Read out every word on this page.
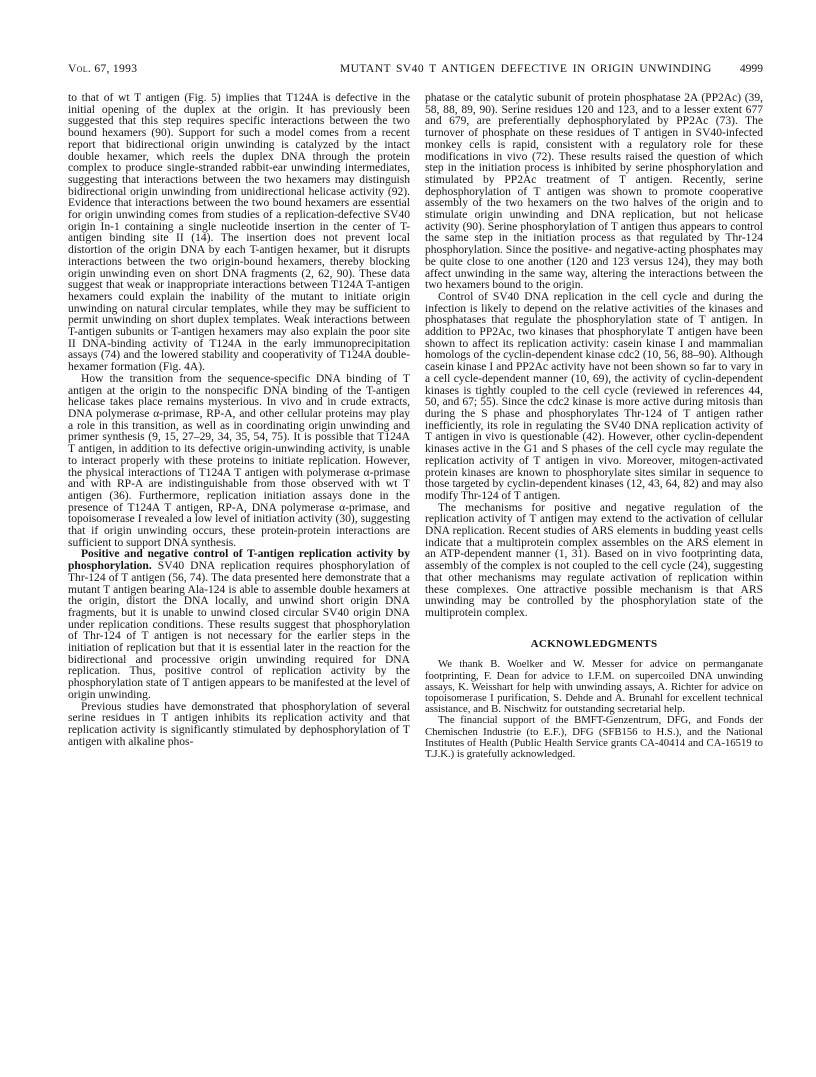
Vol. 67, 1993	MUTANT SV40 T ANTIGEN DEFECTIVE IN ORIGIN UNWINDING	4999

to that of wt T antigen (Fig. 5) implies that T124A is defective in the initial opening of the duplex at the origin. It has previously been suggested that this step requires specific interactions between the two bound hexamers (90). Support for such a model comes from a recent report that bidirectional origin unwinding is catalyzed by the intact double hexamer, which reels the duplex DNA through the protein complex to produce single-stranded rabbit-ear unwinding intermediates, suggesting that interactions between the two hexamers may distinguish bidirectional origin unwinding from unidirectional helicase activity (92). Evidence that interactions between the two bound hexamers are essential for origin unwinding comes from studies of a replication-defective SV40 origin In-1 containing a single nucleotide insertion in the center of T-antigen binding site II (14). The insertion does not prevent local distortion of the origin DNA by each T-antigen hexamer, but it disrupts interactions between the two origin-bound hexamers, thereby blocking origin unwinding even on short DNA fragments (2, 62, 90). These data suggest that weak or inappropriate interactions between T124A T-antigen hexamers could explain the inability of the mutant to initiate origin unwinding on natural circular templates, while they may be sufficient to permit unwinding on short duplex templates. Weak interactions between T-antigen subunits or T-antigen hexamers may also explain the poor site II DNA-binding activity of T124A in the early immunoprecipitation assays (74) and the lowered stability and cooperativity of T124A double-hexamer formation (Fig. 4A).

How the transition from the sequence-specific DNA binding of T antigen at the origin to the nonspecific DNA binding of the T-antigen helicase takes place remains mysterious. In vivo and in crude extracts, DNA polymerase α-primase, RP-A, and other cellular proteins may play a role in this transition, as well as in coordinating origin unwinding and primer synthesis (9, 15, 27–29, 34, 35, 54, 75). It is possible that T124A T antigen, in addition to its defective origin-unwinding activity, is unable to interact properly with these proteins to initiate replication. However, the physical interactions of T124A T antigen with polymerase α-primase and with RP-A are indistinguishable from those observed with wt T antigen (36). Furthermore, replication initiation assays done in the presence of T124A T antigen, RP-A, DNA polymerase α-primase, and topoisomerase I revealed a low level of initiation activity (30), suggesting that if origin unwinding occurs, these protein-protein interactions are sufficient to support DNA synthesis.

Positive and negative control of T-antigen replication activity by phosphorylation. SV40 DNA replication requires phosphorylation of Thr-124 of T antigen (56, 74). The data presented here demonstrate that a mutant T antigen bearing Ala-124 is able to assemble double hexamers at the origin, distort the DNA locally, and unwind short origin DNA fragments, but it is unable to unwind closed circular SV40 origin DNA under replication conditions. These results suggest that phosphorylation of Thr-124 of T antigen is not necessary for the earlier steps in the initiation of replication but that it is essential later in the reaction for the bidirectional and processive origin unwinding required for DNA replication. Thus, positive control of replication activity by the phosphorylation state of T antigen appears to be manifested at the level of origin unwinding.

Previous studies have demonstrated that phosphorylation of several serine residues in T antigen inhibits its replication activity and that replication activity is significantly stimulated by dephosphorylation of T antigen with alkaline phos-

phatase or the catalytic subunit of protein phosphatase 2A (PP2Ac) (39, 58, 88, 89, 90). Serine residues 120 and 123, and to a lesser extent 677 and 679, are preferentially dephosphorylated by PP2Ac (73). The turnover of phosphate on these residues of T antigen in SV40-infected monkey cells is rapid, consistent with a regulatory role for these modifications in vivo (72). These results raised the question of which step in the initiation process is inhibited by serine phosphorylation and stimulated by PP2Ac treatment of T antigen. Recently, serine dephosphorylation of T antigen was shown to promote cooperative assembly of the two hexamers on the two halves of the origin and to stimulate origin unwinding and DNA replication, but not helicase activity (90). Serine phosphorylation of T antigen thus appears to control the same step in the initiation process as that regulated by Thr-124 phosphorylation. Since the positive- and negative-acting phosphates may be quite close to one another (120 and 123 versus 124), they may both affect unwinding in the same way, altering the interactions between the two hexamers bound to the origin.

Control of SV40 DNA replication in the cell cycle and during the infection is likely to depend on the relative activities of the kinases and phosphatases that regulate the phosphorylation state of T antigen. In addition to PP2Ac, two kinases that phosphorylate T antigen have been shown to affect its replication activity: casein kinase I and mammalian homologs of the cyclin-dependent kinase cdc2 (10, 56, 88–90). Although casein kinase I and PP2Ac activity have not been shown so far to vary in a cell cycle-dependent manner (10, 69), the activity of cyclin-dependent kinases is tightly coupled to the cell cycle (reviewed in references 44, 50, and 67; 55). Since the cdc2 kinase is more active during mitosis than during the S phase and phosphorylates Thr-124 of T antigen rather inefficiently, its role in regulating the SV40 DNA replication activity of T antigen in vivo is questionable (42). However, other cyclin-dependent kinases active in the G1 and S phases of the cell cycle may regulate the replication activity of T antigen in vivo. Moreover, mitogen-activated protein kinases are known to phosphorylate sites similar in sequence to those targeted by cyclin-dependent kinases (12, 43, 64, 82) and may also modify Thr-124 of T antigen.

The mechanisms for positive and negative regulation of the replication activity of T antigen may extend to the activation of cellular DNA replication. Recent studies of ARS elements in budding yeast cells indicate that a multiprotein complex assembles on the ARS element in an ATP-dependent manner (1, 31). Based on in vivo footprinting data, assembly of the complex is not coupled to the cell cycle (24), suggesting that other mechanisms may regulate activation of replication within these complexes. One attractive possible mechanism is that ARS unwinding may be controlled by the phosphorylation state of the multiprotein complex.

ACKNOWLEDGMENTS

We thank B. Woelker and W. Messer for advice on permanganate footprinting, F. Dean for advice to I.F.M. on supercoiled DNA unwinding assays, K. Weisshart for help with unwinding assays, A. Richter for advice on topoisomerase I purification, S. Dehde and A. Brunahl for excellent technical assistance, and B. Nischwitz for outstanding secretarial help.

The financial support of the BMFT-Genzentrum, DFG, and Fonds der Chemischen Industrie (to E.F.), DFG (SFB156 to H.S.), and the National Institutes of Health (Public Health Service grants CA-40414 and CA-16519 to T.J.K.) is gratefully acknowledged.
